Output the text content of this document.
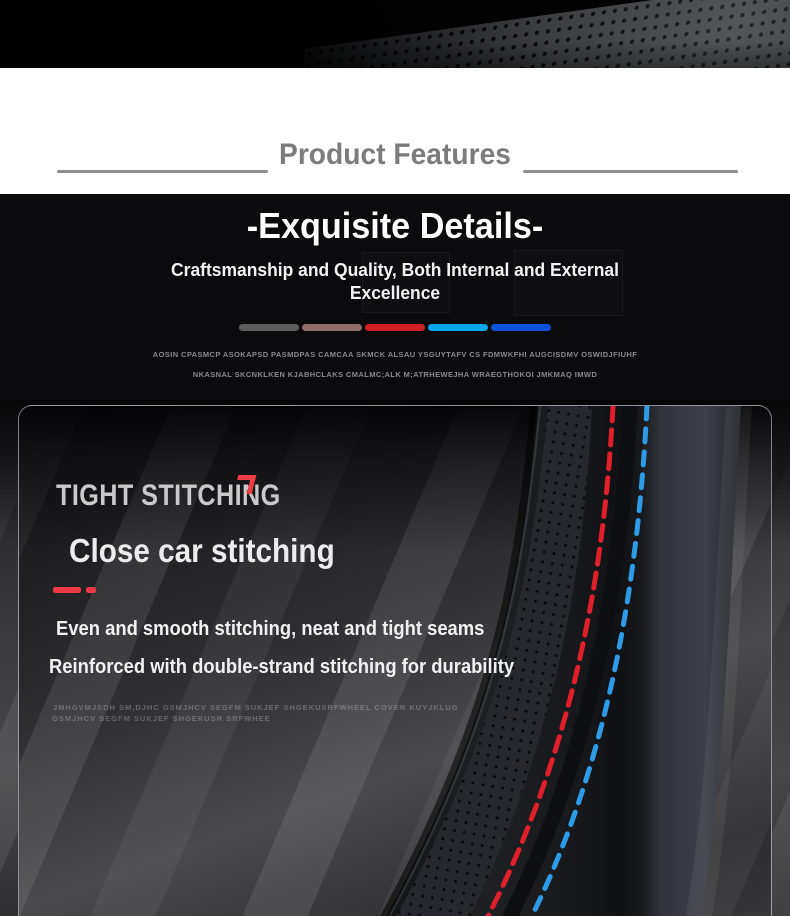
Product Features

-Exquisite Details-

Craftsmanship and Quality, Both Internal and External

Excellence

AOSIN CPASMCP ASOKAPSD PASMDPAS CAMCAA SKMCK ALSAU YSGUYTAFV CS FDMWKFHI AUGCISDMV OSWIDJFIUHF

NKASNAL SKCNKLKEN KJABHCLAKS CMALMC;ALK M;ATRHEWEJHA WRAEGTHOKOI JMKMAQ IMWD

TIGHT STITCHING
Close car stitching

Even and smooth stitching, neat and tight seams

Reinforced with double-strand stitching for durability

JMHGVMJSDH SM,DJHC GSMJHCV SEGFM SUKJEF SHGEKUSRFWHEEL COVER KUYJKLUG

GSMJHCV SEGFM SUKJEF SHGEKUSR SRFWHEE
